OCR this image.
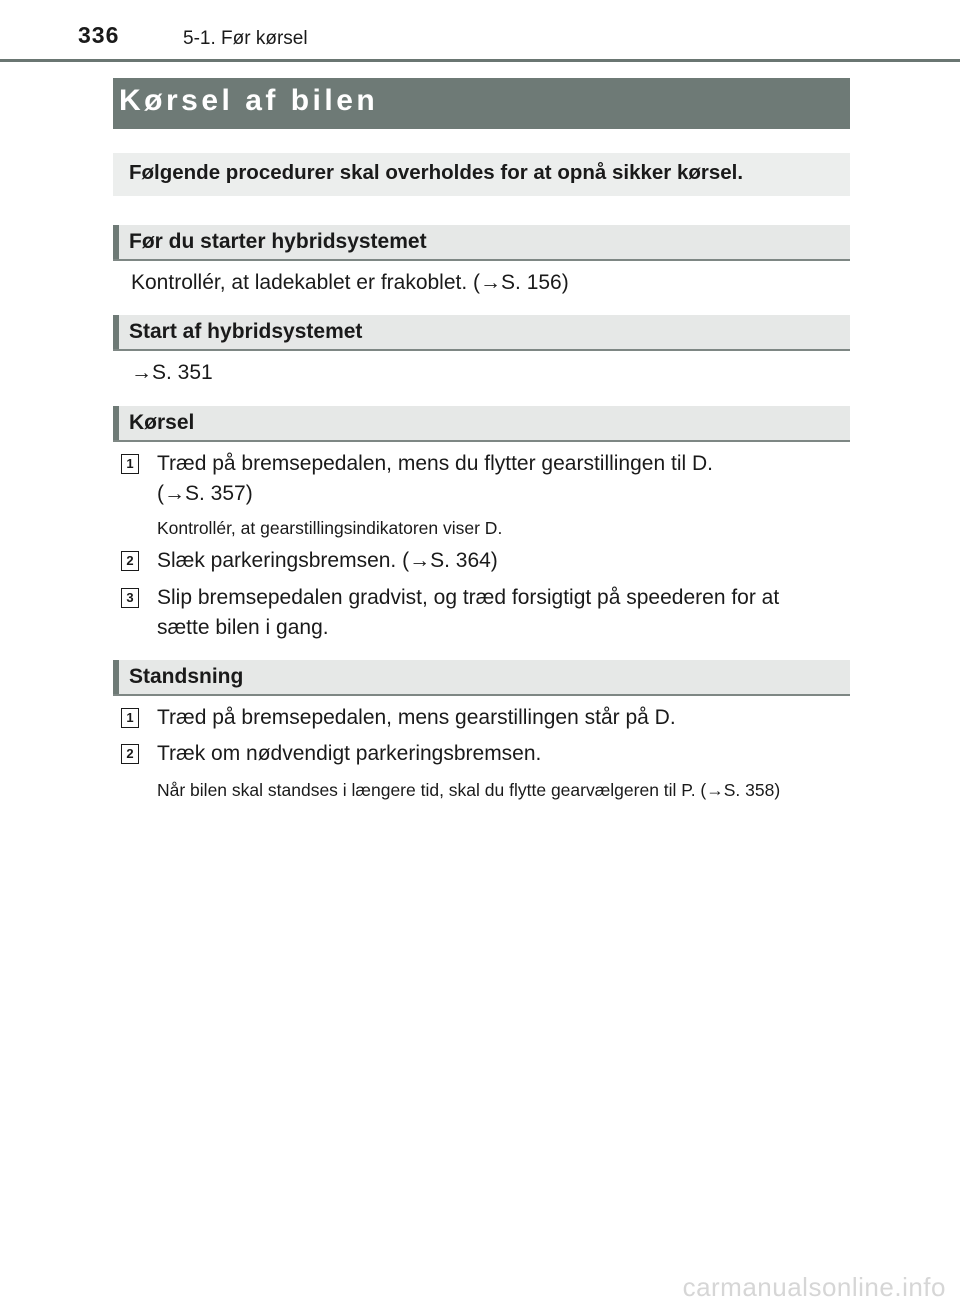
336	5-1. Før kørsel
Kørsel af bilen
Følgende procedurer skal overholdes for at opnå sikker kørsel.
Før du starter hybridsystemet
Kontrollér, at ladekablet er frakoblet. (→S. 156)
Start af hybridsystemet
→S. 351
Kørsel
1 Træd på bremsepedalen, mens du flytter gearstillingen til D.
(→S. 357)
Kontrollér, at gearstillingsindikatoren viser D.
2 Slæk parkeringsbremsen. (→S. 364)
3 Slip bremsepedalen gradvist, og træd forsigtigt på speederen for at
sætte bilen i gang.
Standsning
1 Træd på bremsepedalen, mens gearstillingen står på D.
2 Træk om nødvendigt parkeringsbremsen.
Når bilen skal standses i længere tid, skal du flytte gearvælgeren til P. (→S. 358)
carmanualsonline.info
